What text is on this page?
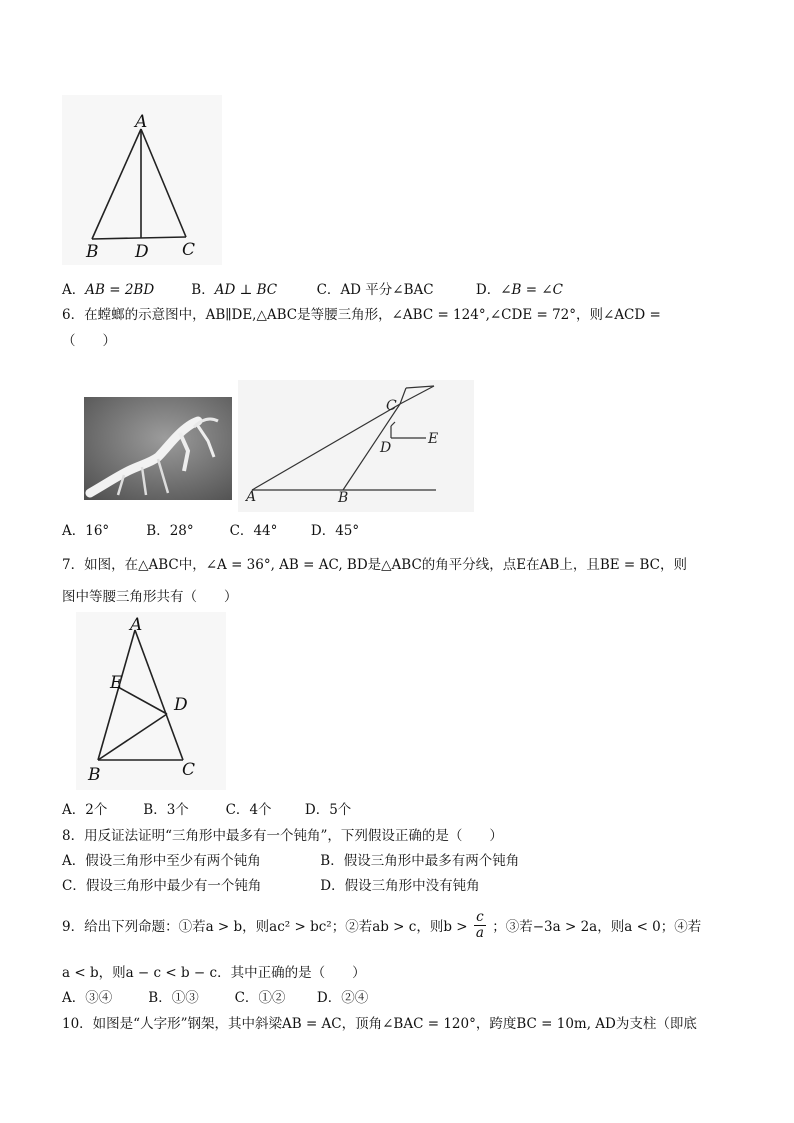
A
B D C
A．AB = 2BD	B．AD ⊥ BC	C．AD 平分∠BAC	D．∠B = ∠C
6．在螳螂的示意图中，AB∥DE,△ABC是等腰三角形，∠ABC = 124°,∠CDE = 72°，则∠ACD =
（　　）
C
D
E
A	B
A．16°	B．28°	C．44° D．45°
7．如图，在△ABC中，∠A = 36°, AB = AC, BD是△ABC的角平分线，点E在AB上，且BE = BC，则
图中等腰三角形共有（　　）
A
E
D
B	C
A．2个	B．3个	C．4个 D．5个
8．用反证法证明“三角形中最多有一个钝角”，下列假设正确的是（　　）
A．假设三角形中至少有两个钝角	B．假设三角形中最多有两个钝角
C．假设三角形中最少有一个钝角	D．假设三角形中没有钝角
9．给出下列命题：①若a > b，则ac² > bc²；②若ab > c，则$b > \frac{c}{a}$ ；③若−3a > 2a，则a < 0；④若
a < b，则a − c < b − c．其中正确的是（　　）
A．③④	B．①③	C．①② D．②④
10．如图是“人字形”钢架，其中斜梁AB = AC，顶角∠BAC = 120°，跨度BC = 10m, AD为支柱（即底
